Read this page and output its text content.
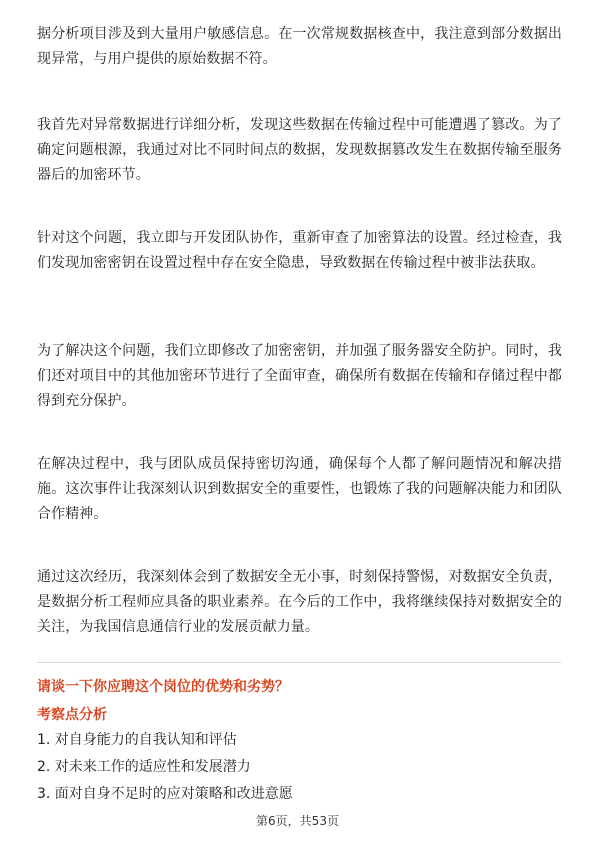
据分析项目涉及到大量用户敏感信息。在一次常规数据核查中，我注意到部分数据出现异常，与用户提供的原始数据不符。

我首先对异常数据进行详细分析，发现这些数据在传输过程中可能遭遇了篡改。为了确定问题根源，我通过对比不同时间点的数据，发现数据篡改发生在数据传输至服务器后的加密环节。

针对这个问题，我立即与开发团队协作，重新审查了加密算法的设置。经过检查，我们发现加密密钥在设置过程中存在安全隐患，导致数据在传输过程中被非法获取。

为了解决这个问题，我们立即修改了加密密钥，并加强了服务器安全防护。同时，我们还对项目中的其他加密环节进行了全面审查，确保所有数据在传输和存储过程中都得到充分保护。

在解决过程中，我与团队成员保持密切沟通，确保每个人都了解问题情况和解决措施。这次事件让我深刻认识到数据安全的重要性，也锻炼了我的问题解决能力和团队合作精神。

通过这次经历，我深刻体会到了数据安全无小事，时刻保持警惕，对数据安全负责，是数据分析工程师应具备的职业素养。在今后的工作中，我将继续保持对数据安全的关注，为我国信息通信行业的发展贡献力量。

请谈一下你应聘这个岗位的优势和劣势？

考察点分析

1. 对自身能力的自我认知和评估
2. 对未来工作的适应性和发展潜力
3. 面对自身不足时的应对策略和改进意愿
第6页，共53页
